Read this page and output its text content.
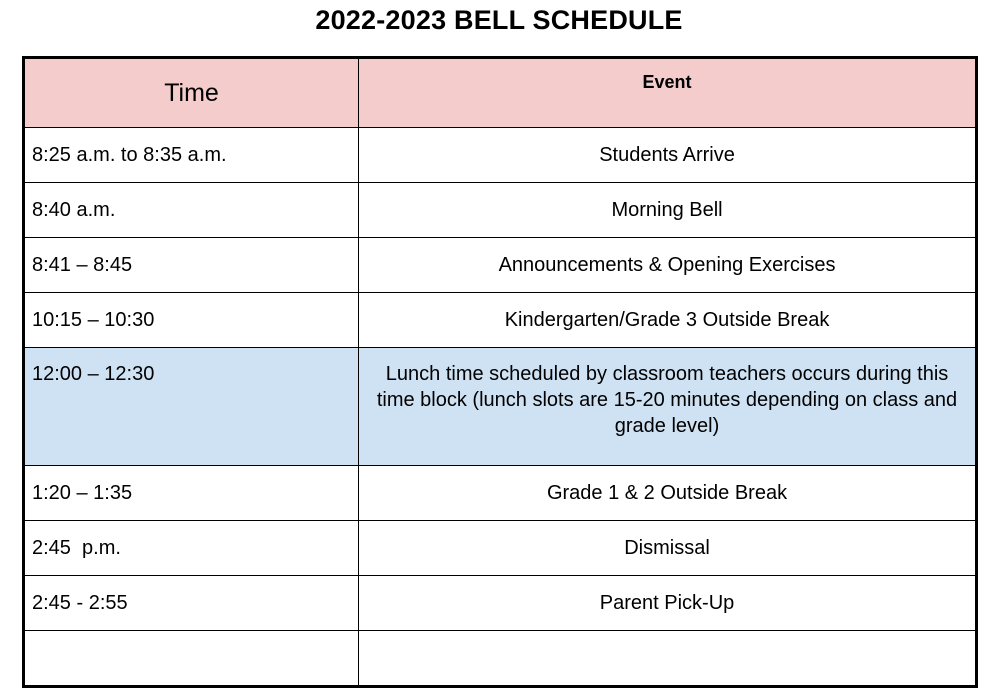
2022-2023 BELL SCHEDULE
Time	Event
8:25 a.m. to 8:35 a.m.	Students Arrive
8:40 a.m.	Morning Bell
8:41 – 8:45	Announcements & Opening Exercises
10:15 – 10:30	Kindergarten/Grade 3 Outside Break
12:00 – 12:30	Lunch time scheduled by classroom teachers occurs during this time block (lunch slots are 15-20 minutes depending on class and grade level)
1:20 – 1:35	Grade 1 & 2 Outside Break
2:45  p.m.	Dismissal
2:45 - 2:55	Parent Pick-Up
